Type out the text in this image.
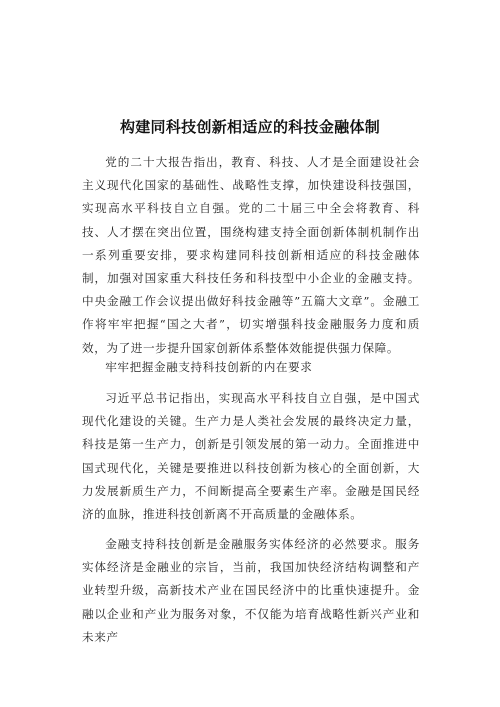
构建同科技创新相适应的科技金融体制
党的二十大报告指出，教育、科技、人才是全面建设社会主义现代化国家的基础性、战略性支撑，加快建设科技强国，实现高水平科技自立自强。党的二十届三中全会将教育、科技、人才摆在突出位置，围绕构建支持全面创新体制机制作出一系列重要安排，要求构建同科技创新相适应的科技金融体制，加强对国家重大科技任务和科技型中小企业的金融支持。中央金融工作会议提出做好科技金融等”五篇大文章”。金融工作将牢牢把握“国之大者”，切实增强科技金融服务力度和质效，为了进一步提升国家创新体系整体效能提供强力保障。
牢牢把握金融支持科技创新的内在要求
习近平总书记指出，实现高水平科技自立自强，是中国式现代化建设的关键。生产力是人类社会发展的最终决定力量，科技是第一生产力，创新是引领发展的第一动力。全面推进中国式现代化，关键是要推进以科技创新为核心的全面创新，大力发展新质生产力，不间断提高全要素生产率。金融是国民经济的血脉，推进科技创新离不开高质量的金融体系。
金融支持科技创新是金融服务实体经济的必然要求。服务实体经济是金融业的宗旨，当前，我国加快经济结构调整和产业转型升级，高新技术产业在国民经济中的比重快速提升。金融以企业和产业为服务对象，不仅能为培育战略性新兴产业和未来产
